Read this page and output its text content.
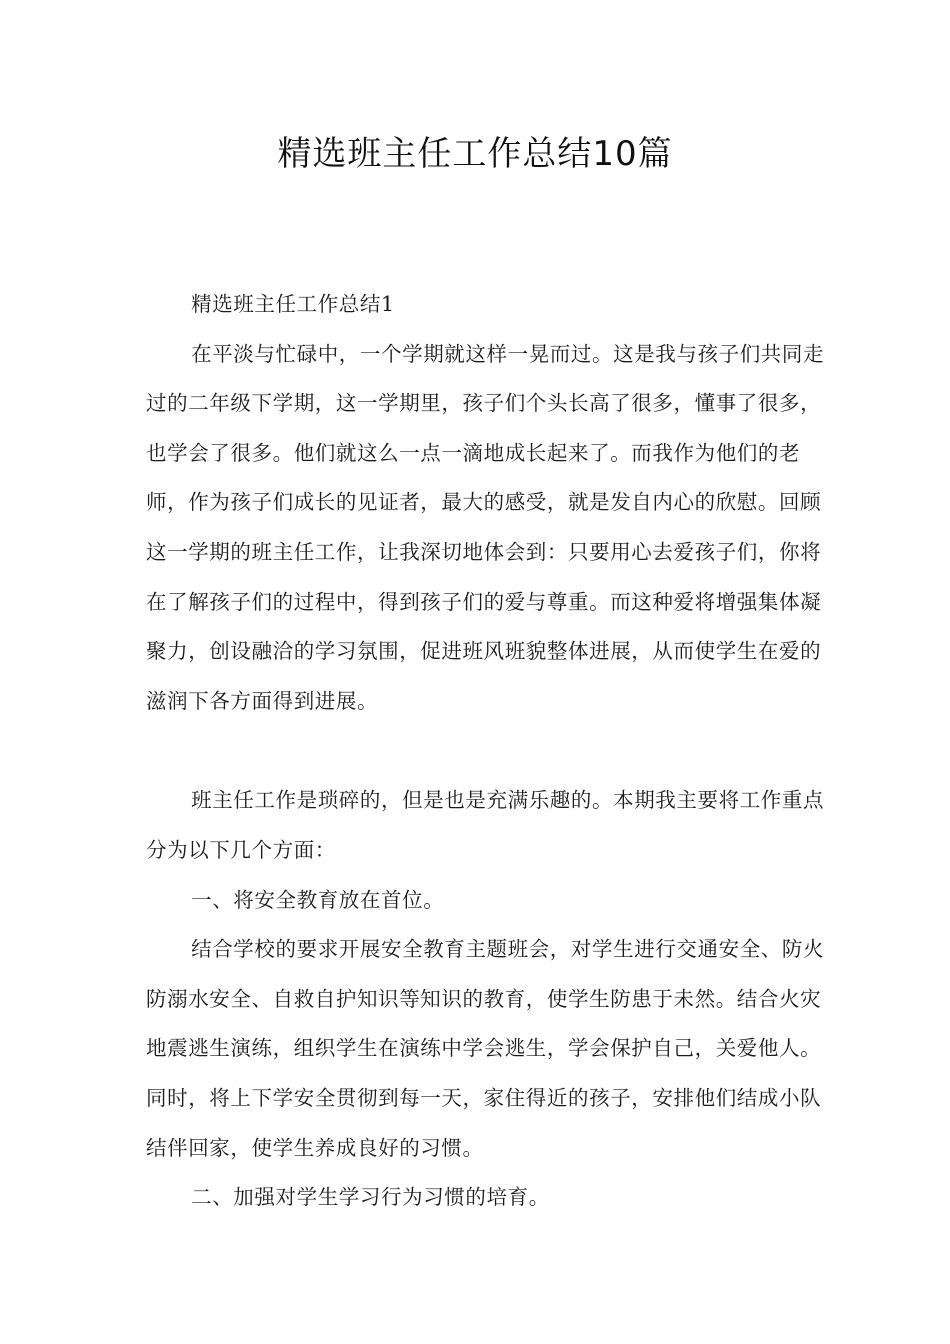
精选班主任工作总结10篇

精选班主任工作总结1

在平淡与忙碌中，一个学期就这样一晃而过。这是我与孩子们共同走过的二年级下学期，这一学期里，孩子们个头长高了很多，懂事了很多，也学会了很多。他们就这么一点一滴地成长起来了。而我作为他们的老师，作为孩子们成长的见证者，最大的感受，就是发自内心的欣慰。回顾这一学期的班主任工作，让我深切地体会到：只要用心去爱孩子们，你将在了解孩子们的过程中，得到孩子们的爱与尊重。而这种爱将增强集体凝聚力，创设融洽的学习氛围，促进班风班貌整体进展，从而使学生在爱的滋润下各方面得到进展。

班主任工作是琐碎的，但是也是充满乐趣的。本期我主要将工作重点分为以下几个方面：

一、将安全教育放在首位。

结合学校的要求开展安全教育主题班会，对学生进行交通安全、防火防溺水安全、自救自护知识等知识的教育，使学生防患于未然。结合火灾地震逃生演练，组织学生在演练中学会逃生，学会保护自己，关爱他人。同时，将上下学安全贯彻到每一天，家住得近的孩子，安排他们结成小队结伴回家，使学生养成良好的习惯。

二、加强对学生学习行为习惯的培育。
